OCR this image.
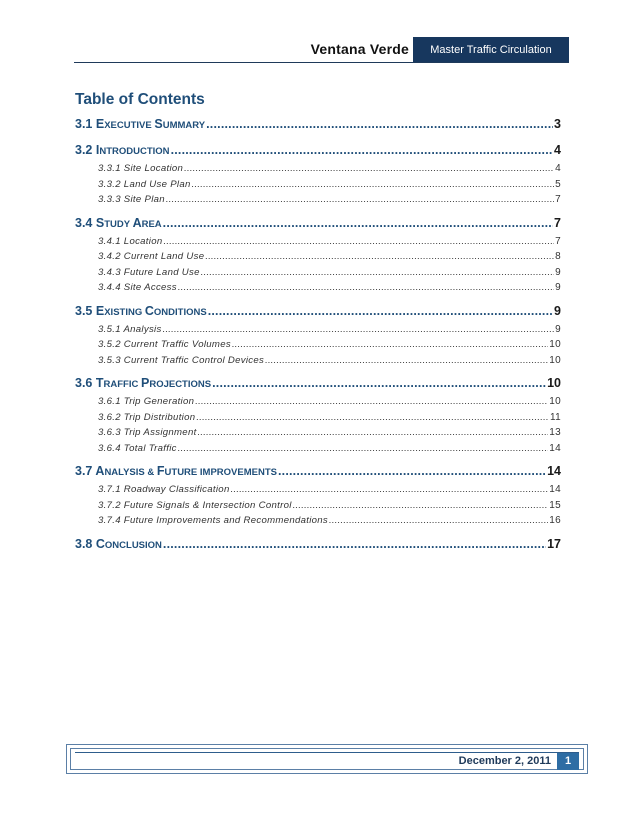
Ventana Verde	Master Traffic Circulation
Table of Contents
3.1 EXECUTIVE SUMMARY .....	3
3.2 INTRODUCTION .....	4
3.3.1 Site Location .....	4
3.3.2 Land Use Plan .....	5
3.3.3 Site Plan .....	7
3.4 STUDY AREA .....	7
3.4.1 Location .....	7
3.4.2 Current Land Use .....	8
3.4.3 Future Land Use .....	9
3.4.4 Site Access .....	9
3.5 EXISTING CONDITIONS .....	9
3.5.1 Analysis .....	9
3.5.2 Current Traffic Volumes .....	10
3.5.3 Current Traffic Control Devices .....	10
3.6 TRAFFIC PROJECTIONS .....	10
3.6.1 Trip Generation .....	10
3.6.2 Trip Distribution .....	11
3.6.3 Trip Assignment .....	13
3.6.4 Total Traffic .....	14
3.7 ANALYSIS & FUTURE IMPROVEMENTS .....	14
3.7.1 Roadway Classification .....	14
3.7.2 Future Signals & Intersection Control .....	15
3.7.4 Future Improvements and Recommendations .....	16
3.8 CONCLUSION .....	17
December 2, 2011	1
